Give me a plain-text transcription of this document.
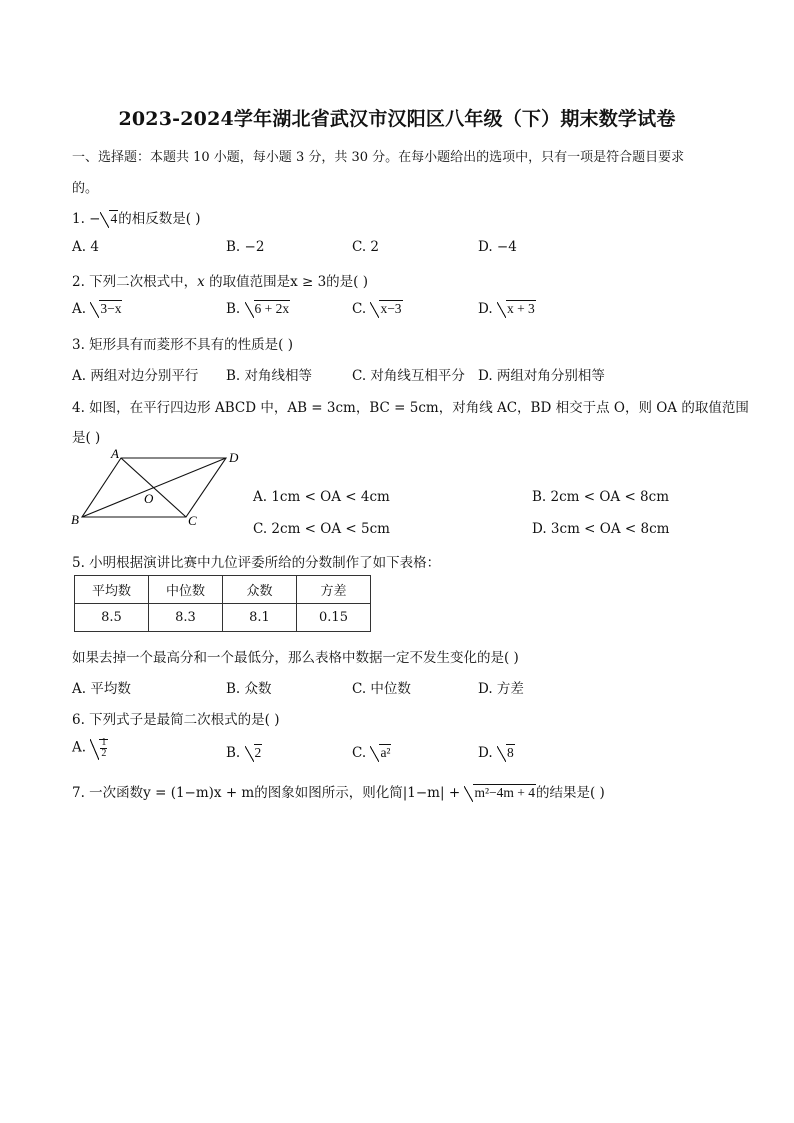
2023-2024学年湖北省武汉市汉阳区八年级（下）期末数学试卷
一、选择题：本题共 10 小题，每小题 3 分，共 30 分。在每小题给出的选项中，只有一项是符合题目要求
的。
1. − 4的相反数是( )
A. 4	B. −2	C. 2	D. −4
2. 下列二次根式中，x 的取值范围是x ≥ 3的是( )
A. 3−x	B. 6 + 2x	C. x−3	D. x + 3
3. 矩形具有而菱形不具有的性质是( )
A. 两组对边分别平行 B. 对角线相等	C. 对角线互相平分 D. 两组对角分别相等
4. 如图，在平行四边形 ABCD 中，AB = 3cm，BC = 5cm，对角线 AC，BD 相交于点 O，则 OA 的取值范围
是( )
A	D
B	C
O	A. 1cm < OA < 4cm	B. 2cm < OA < 8cm
C. 2cm < OA < 5cm	D. 3cm < OA < 8cm
5. 小明根据演讲比赛中九位评委所给的分数制作了如下表格：
平均数	中位数	众数	方差
8.5	8.3	8.1	0.15
如果去掉一个最高分和一个最低分，那么表格中数据一定不发生变化的是( )
A. 平均数	B. 众数	C. 中位数	D. 方差
6. 下列式子是最简二次根式的是( )
A. $\frac{1}{2}$	B. 2	C. a²	D. 8
7. 一次函数y = (1−m)x + m的图象如图所示，则化简|1−m| + m²−4m + 4的结果是( )
